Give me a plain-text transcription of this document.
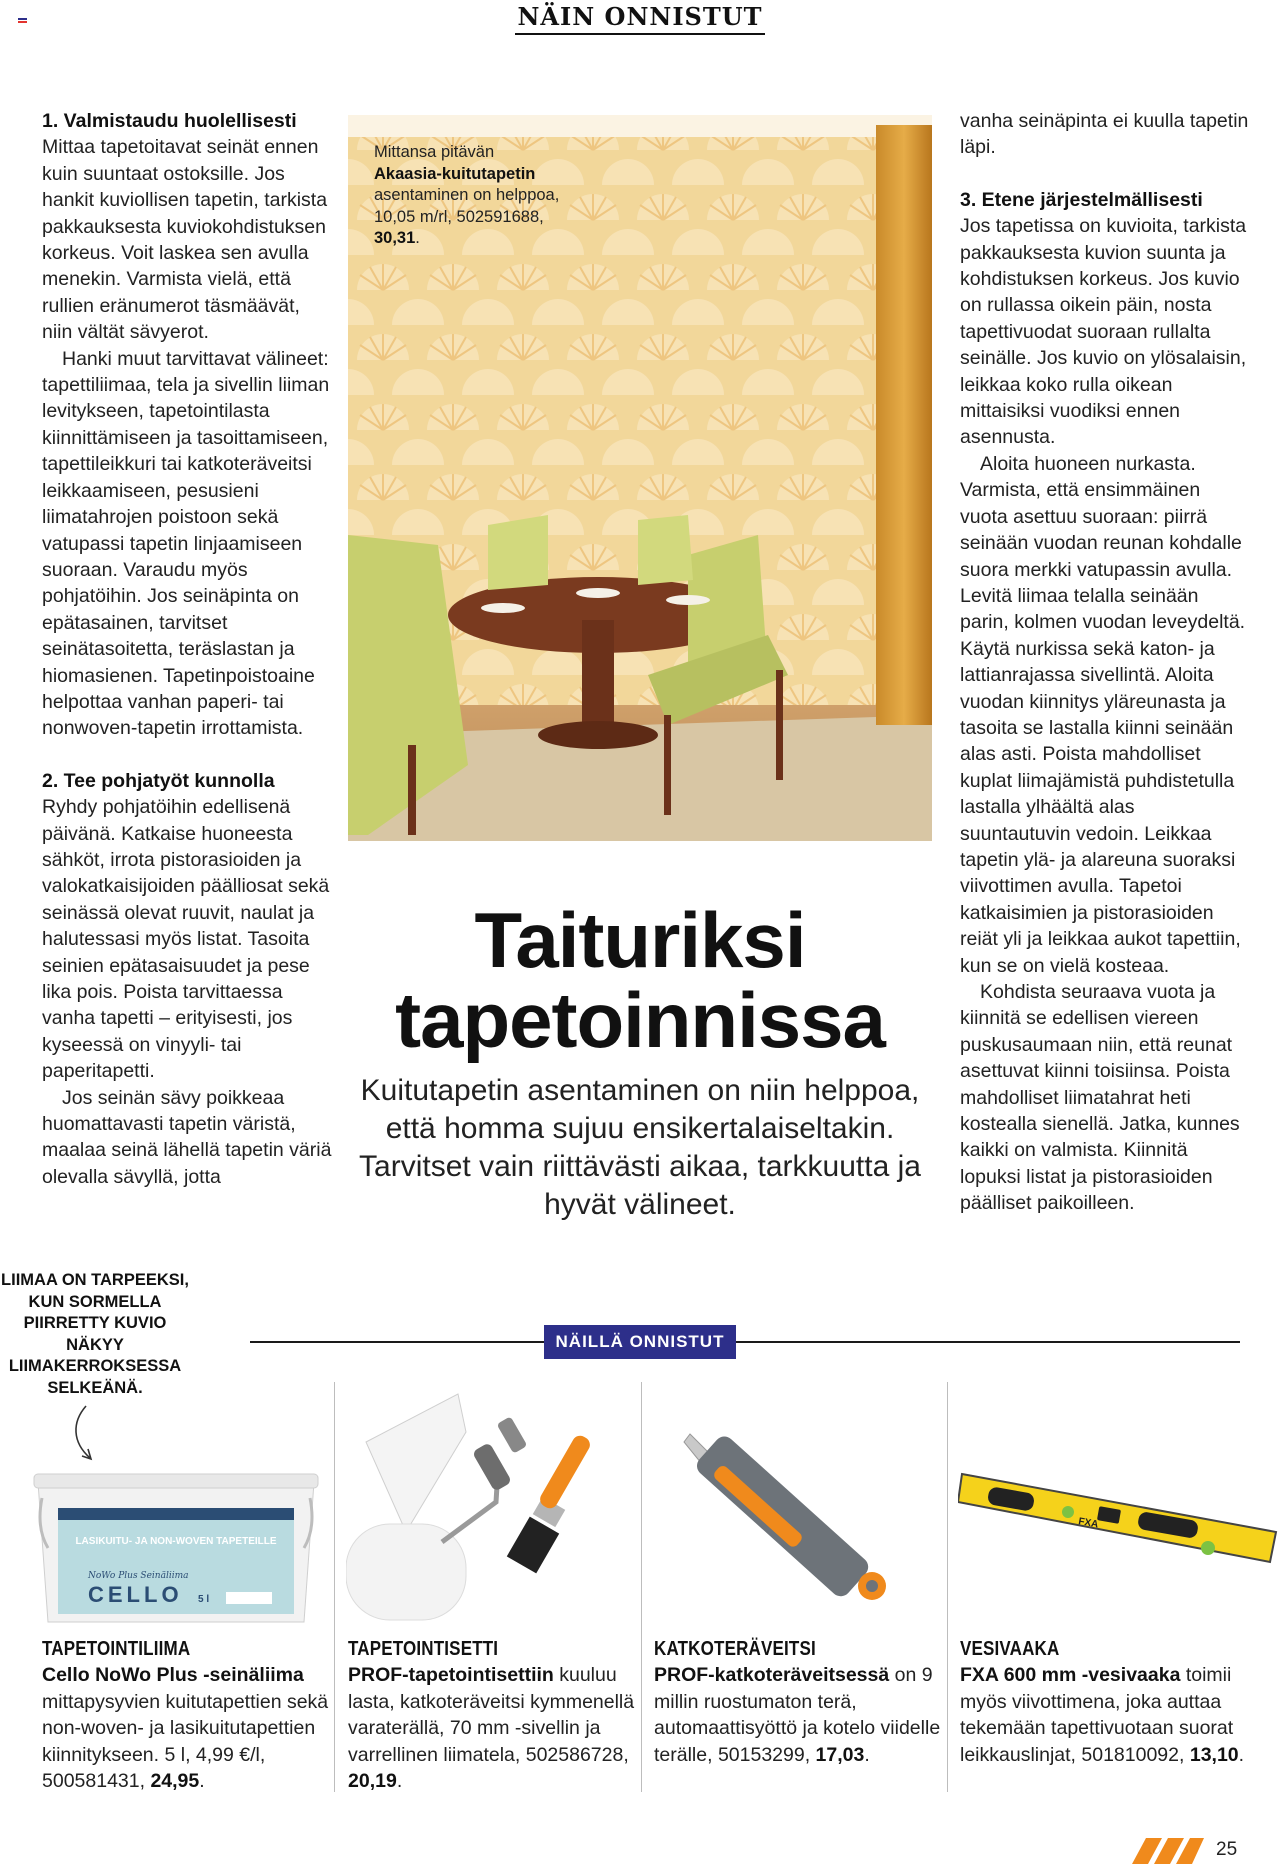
NÄIN ONNISTUT
1. Valmistaudu huolellisesti

Mittaa tapetoitavat seinät ennen kuin suuntaat ostoksille. Jos hankit kuviollisen tapetin, tarkista pakkauksesta kuviokohdistuksen korkeus. Voit laskea sen avulla menekin. Varmista vielä, että rullien eränumerot täsmäävät, niin vältät sävyerot.

Hanki muut tarvittavat välineet: tapettiliimaa, tela ja sivellin liiman levitykseen, tapetointilasta kiinnittämiseen ja tasoittamiseen, tapettileikkuri tai katkoteräveitsi leikkaamiseen, pesusieni liimatahrojen poistoon sekä vatupassi tapetin linjaamiseen suoraan. Varaudu myös pohjatöihin. Jos seinäpinta on epätasainen, tarvitset seinätasoitetta, teräslastan ja hiomasienen. Tapetinpoistoaine helpottaa vanhan paperi- tai nonwoven-tapetin irrottamista.

2. Tee pohjatyöt kunnolla

Ryhdy pohjatöihin edellisenä päivänä. Katkaise huoneesta sähköt, irrota pistorasioiden ja valokatkaisijoiden päälliosat sekä seinässä olevat ruuvit, naulat ja halutessasi myös listat. Tasoita seinien epätasaisuudet ja pese lika pois. Poista tarvittaessa vanha tapetti – erityisesti, jos kyseessä on vinyyli- tai paperitapetti.

Jos seinän sävy poikkeaa huomattavasti tapetin väristä, maalaa seinä lähellä tapetin väriä olevalla sävyllä, jotta

vanha seinäpinta ei kuulla tapetin läpi.

3. Etene järjestelmällisesti

Jos tapetissa on kuvioita, tarkista pakkauksesta kuvion suunta ja kohdistuksen korkeus. Jos kuvio on rullassa oikein päin, nosta tapettivuodat suoraan rullalta seinälle. Jos kuvio on ylösalaisin, leikkaa koko rulla oikean mittaisiksi vuodiksi ennen asennusta.

Aloita huoneen nurkasta. Varmista, että ensimmäinen vuota asettuu suoraan: piirrä seinään vuodan reunan kohdalle suora merkki vatupassin avulla. Levitä liimaa telalla seinään parin, kolmen vuodan leveydeltä. Käytä nurkissa sekä katon- ja lattianrajassa sivellintä. Aloita vuodan kiinnitys yläreunasta ja tasoita se lastalla kiinni seinään alas asti. Poista mahdolliset kuplat liimajämistä puhdistetulla lastalla ylhäältä alas suuntautuvin vedoin. Leikkaa tapetin ylä- ja alareuna suoraksi viivottimen avulla. Tapetoi katkaisimien ja pistorasioiden reiät yli ja leikkaa aukot tapettiin, kun se on vielä kosteaa.

Kohdista seuraava vuota ja kiinnitä se edellisen viereen puskusaumaan niin, että reunat asettuvat kiinni toisiinsa. Poista mahdolliset liimatahrat heti kostealla sienellä. Jatka, kunnes kaikki on valmista. Kiinnitä lopuksi listat ja pistorasioiden päälliset paikoilleen.

Mittansa pitävän
Akaasia-kuitutapetin asentaminen on helppoa, 10,05 m/rl, 502591688, 30,31.
Taituriksi
tapetoinnissa
Kuitutapetin asentaminen on niin helppoa, että homma sujuu ensikertalaiseltakin. Tarvitset vain riittävästi aikaa, tarkkuutta ja hyvät välineet.
LIIMAA ON TARPEEKSI, KUN SORMELLA PIIRRETTY KUVIO NÄKYY LIIMAKERROKSESSA SELKEÄNÄ.
NÄILLÄ ONNISTUT
LASIKUITU- JA NON-WOVEN TAPETEILLE
NoWo Plus Seinäliima
CELLO 5 l
FXA
TAPETOINTILIIMA
Cello NoWo Plus -seinäliima mittapysyvien kuitutapettien sekä non-woven- ja lasikuitutapettien kiinnitykseen. 5 l, 4,99 €/l, 500581431, 24,95.
TAPETOINTISETTI
PROF-tapetointisettiin kuuluu lasta, katkoteräveitsi kymmenellä varaterällä, 70 mm -sivellin ja varrellinen liimatela, 502586728, 20,19.
KATKOTERÄVEITSI
PROF-katkoteräveitsessä on 9 millin ruostumaton terä, automaattisyöttö ja kotelo viidelle terälle, 50153299, 17,03.
VESIVAAKA
FXA 600 mm -vesivaaka toimii myös viivottimena, joka auttaa tekemään tapettivuotaan suorat leikkauslinjat, 501810092, 13,10.
25
